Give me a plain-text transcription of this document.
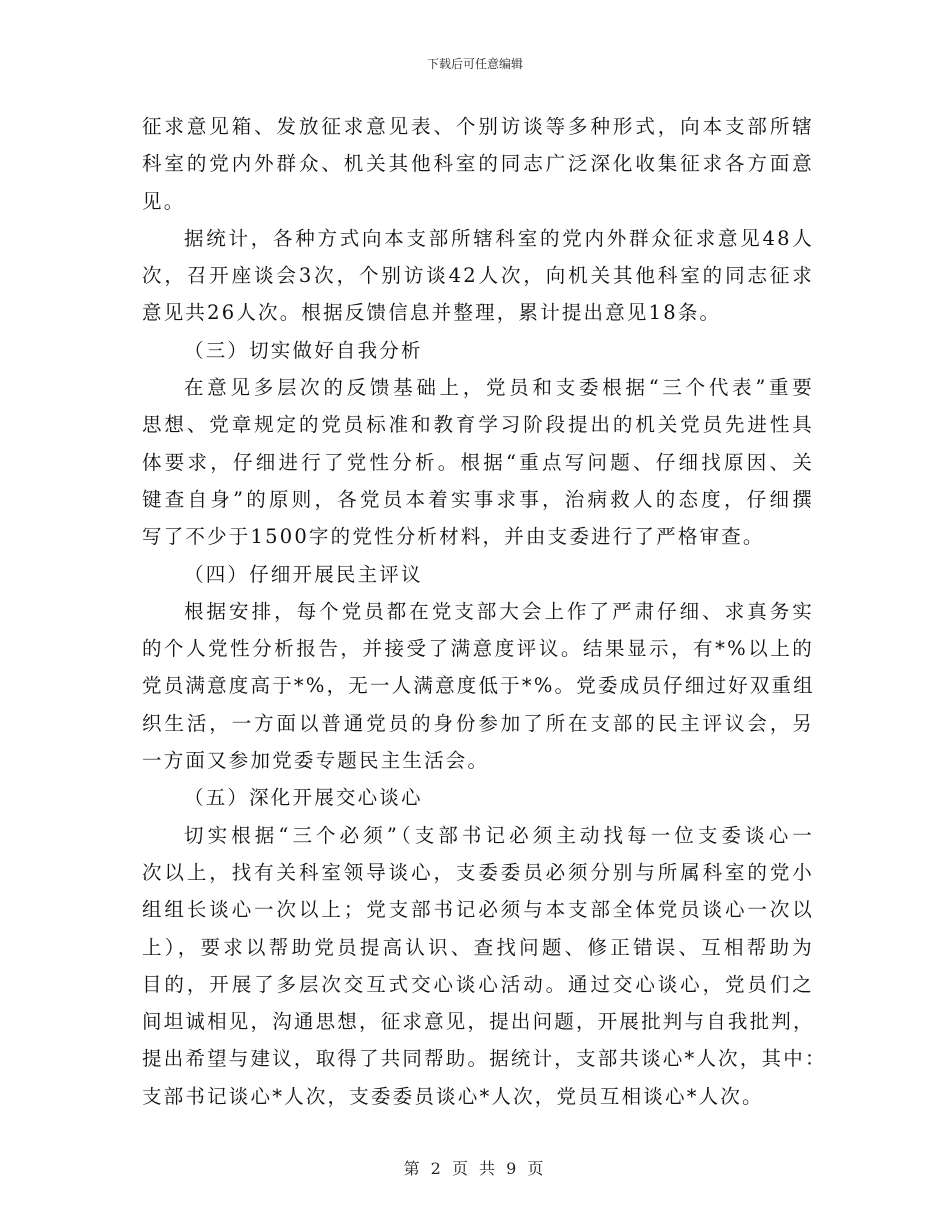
下载后可任意编辑
征求意见箱、发放征求意见表、个别访谈等多种形式，向本支部所辖
科室的党内外群众、机关其他科室的同志广泛深化收集征求各方面意
见。
据统计，各种方式向本支部所辖科室的党内外群众征求意见48人
次，召开座谈会3次，个别访谈42人次，向机关其他科室的同志征求
意见共26人次。根据反馈信息并整理，累计提出意见18条。
（三）切实做好自我分析
在意见多层次的反馈基础上，党员和支委根据“三个代表”重要
思想、党章规定的党员标准和教育学习阶段提出的机关党员先进性具
体要求，仔细进行了党性分析。根据“重点写问题、仔细找原因、关
键查自身”的原则，各党员本着实事求事，治病救人的态度，仔细撰
写了不少于1500字的党性分析材料，并由支委进行了严格审查。
（四）仔细开展民主评议
根据安排，每个党员都在党支部大会上作了严肃仔细、求真务实
的个人党性分析报告，并接受了满意度评议。结果显示，有*%以上的
党员满意度高于*%，无一人满意度低于*%。党委成员仔细过好双重组
织生活，一方面以普通党员的身份参加了所在支部的民主评议会，另
一方面又参加党委专题民主生活会。
（五）深化开展交心谈心
切实根据“三个必须”（支部书记必须主动找每一位支委谈心一
次以上，找有关科室领导谈心，支委委员必须分别与所属科室的党小
组组长谈心一次以上；党支部书记必须与本支部全体党员谈心一次以
上），要求以帮助党员提高认识、查找问题、修正错误、互相帮助为
目的，开展了多层次交互式交心谈心活动。通过交心谈心，党员们之
间坦诚相见，沟通思想，征求意见，提出问题，开展批判与自我批判，
提出希望与建议，取得了共同帮助。据统计，支部共谈心*人次，其中：
支部书记谈心*人次，支委委员谈心*人次，党员互相谈心*人次。
第 2 页 共 9 页
